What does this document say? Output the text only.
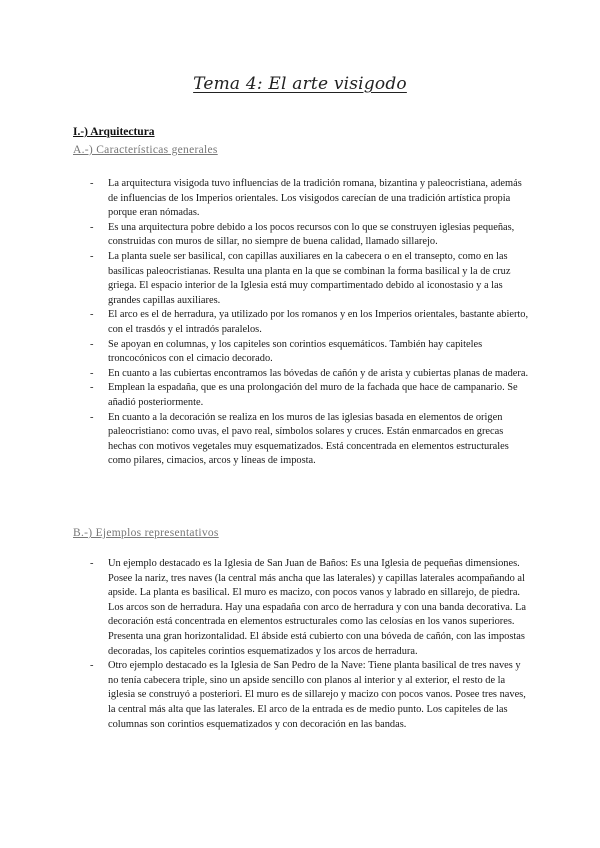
Tema 4: El arte visigodo
I.-) Arquitectura
A.-) Características generales
- La arquitectura visigoda tuvo influencias de la tradición romana, bizantina y paleocristiana, además de influencias de los Imperios orientales. Los visigodos carecían de una tradición artística propia porque eran nómadas.
- Es una arquitectura pobre debido a los pocos recursos con lo que se construyen iglesias pequeñas, construidas con muros de sillar, no siempre de buena calidad, llamado sillarejo.
- La planta suele ser basilical, con capillas auxiliares en la cabecera o en el transepto, como en las basílicas paleocristianas. Resulta una planta en la que se combinan la forma basilical y la de cruz griega. El espacio interior de la Iglesia está muy compartimentado debido al iconostasio y a las grandes capillas auxiliares.
- El arco es el de herradura, ya utilizado por los romanos y en los Imperios orientales, bastante abierto, con el trasdós y el intradós paralelos.
- Se apoyan en columnas, y los capiteles son corintios esquemáticos. También hay capiteles troncocónicos con el cimacio decorado.
- En cuanto a las cubiertas encontramos las bóvedas de cañón y de arista y cubiertas planas de madera.
- Emplean la espadaña, que es una prolongación del muro de la fachada que hace de campanario. Se añadió posteriormente.
- En cuanto a la decoración se realiza en los muros de las iglesias basada en elementos de origen paleocristiano: como uvas, el pavo real, símbolos solares y cruces. Están enmarcados en grecas hechas con motivos vegetales muy esquematizados. Está concentrada en elementos estructurales como pilares, cimacios, arcos y líneas de imposta.
B.-) Ejemplos representativos
- Un ejemplo destacado es la Iglesia de San Juan de Baños: Es una Iglesia de pequeñas dimensiones. Posee la nariz, tres naves (la central más ancha que las laterales) y capillas laterales acompañando al apside. La planta es basilical. El muro es macizo, con pocos vanos y labrado en sillarejo, de piedra. Los arcos son de herradura. Hay una espadaña con arco de herradura y con una banda decorativa. La decoración está concentrada en elementos estructurales como las celosías en los vanos superiores. Presenta una gran horizontalidad. El ábside está cubierto con una bóveda de cañón, con las impostas decoradas, los capiteles corintios esquematizados y los arcos de herradura.
- Otro ejemplo destacado es la Iglesia de San Pedro de la Nave: Tiene planta basilical de tres naves y no tenía cabecera triple, sino un apside sencillo con planos al interior y al exterior, el resto de la iglesia se construyó a posteriori. El muro es de sillarejo y macizo con pocos vanos. Posee tres naves, la central más alta que las laterales. El arco de la entrada es de medio punto. Los capiteles de las columnas son corintios esquematizados y con decoración en las bandas.
